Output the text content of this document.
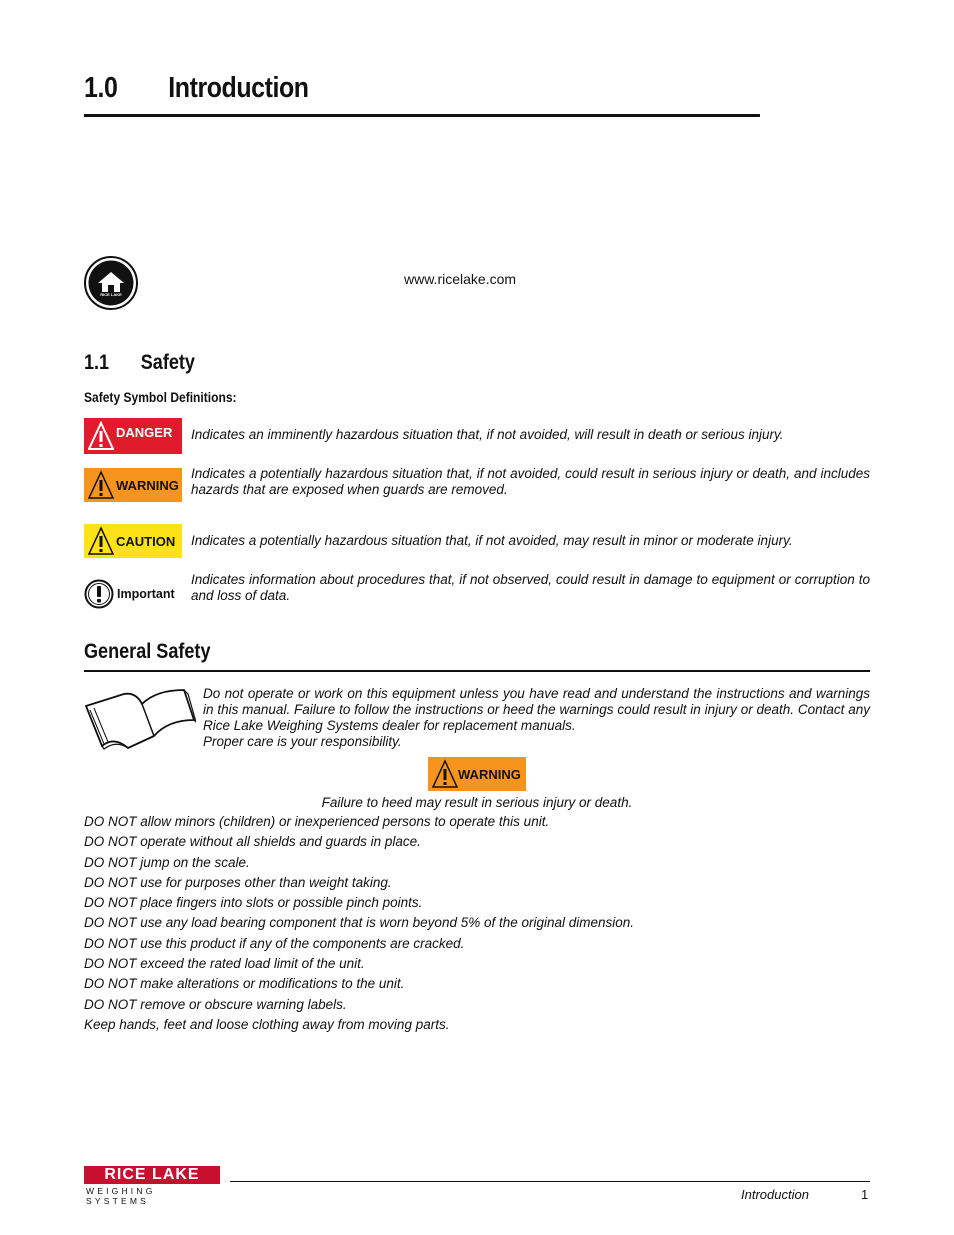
1.0 Introduction
RICE LAKE
www.ricelake.com
1.1 Safety
Safety Symbol Definitions:
DANGER Indicates an imminently hazardous situation that, if not avoided, will result in death or serious injury.
WARNING
Indicates a potentially hazardous situation that, if not avoided, could result in serious injury or death, and includes hazards that are exposed when guards are removed.
CAUTION Indicates a potentially hazardous situation that, if not avoided, may result in minor or moderate injury.
Important
Indicates information about procedures that, if not observed, could result in damage to equipment or corruption to and loss of data.
General Safety
Do not operate or work on this equipment unless you have read and understand the instructions and warnings in this manual. Failure to follow the instructions or heed the warnings could result in injury or death. Contact any Rice Lake Weighing Systems dealer for replacement manuals.
Proper care is your responsibility.
WARNING
Failure to heed may result in serious injury or death.
DO NOT allow minors (children) or inexperienced persons to operate this unit.
DO NOT operate without all shields and guards in place.
DO NOT jump on the scale.
DO NOT use for purposes other than weight taking.
DO NOT place fingers into slots or possible pinch points.
DO NOT use any load bearing component that is worn beyond 5% of the original dimension.
DO NOT use this product if any of the components are cracked.
DO NOT exceed the rated load limit of the unit.
DO NOT make alterations or modifications to the unit.
DO NOT remove or obscure warning labels.
Keep hands, feet and loose clothing away from moving parts.
RICE LAKE
WEIGHING SYSTEMS	Introduction	1
